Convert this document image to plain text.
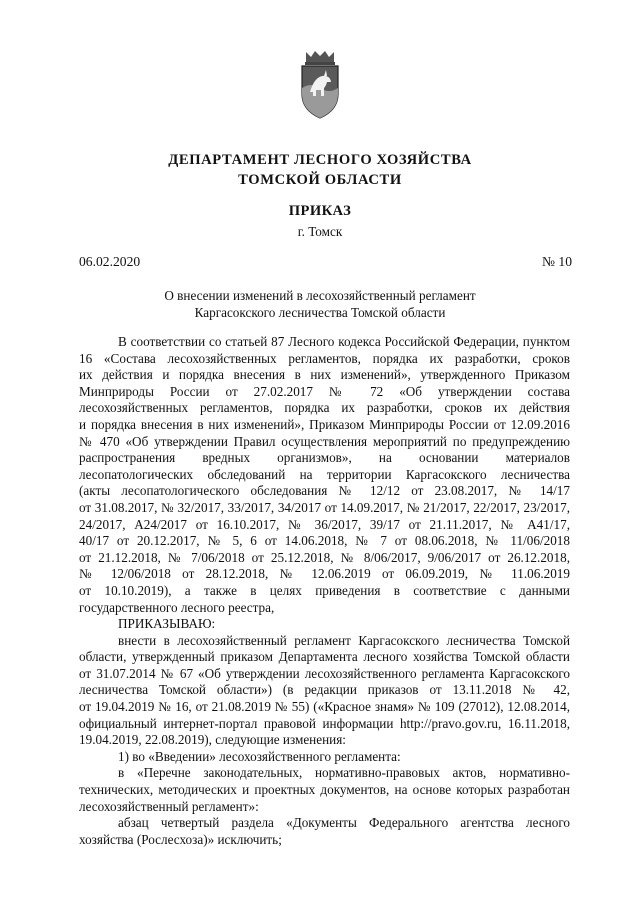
ДЕПАРТАМЕНТ ЛЕСНОГО ХОЗЯЙСТВА
ТОМСКОЙ ОБЛАСТИ
ПРИКАЗ
г. Томск
06.02.2020	№ 10
О внесении изменений в лесохозяйственный регламент
Каргасокского лесничества Томской области

В соответствии со статьей 87 Лесного кодекса Российской Федерации, пунктом

16 «Состава лесохозяйственных регламентов, порядка их разработки, сроков

их действия и порядка внесения в них изменений», утвержденного Приказом

Минприроды России от 27.02.2017 № 72 «Об утверждении состава

лесохозяйственных регламентов, порядка их разработки, сроков их действия

и порядка внесения в них изменений», Приказом Минприроды России от 12.09.2016

№ 470 «Об утверждении Правил осуществления мероприятий по предупреждению

распространения вредных организмов», на основании материалов

лесопатологических обследований на территории Каргасокского лесничества

(акты лесопатологического обследования № 12/12 от 23.08.2017, № 14/17

от 31.08.2017, № 32/2017, 33/2017, 34/2017 от 14.09.2017, № 21/2017, 22/2017, 23/2017,

24/2017, А24/2017 от 16.10.2017, № 36/2017, 39/17 от 21.11.2017, № А41/17,

40/17 от 20.12.2017, № 5, 6 от 14.06.2018, № 7 от 08.06.2018, № 11/06/2018

от 21.12.2018, № 7/06/2018 от 25.12.2018, № 8/06/2017, 9/06/2017 от 26.12.2018,

№ 12/06/2018 от 28.12.2018, № 12.06.2019 от 06.09.2019, № 11.06.2019

от 10.10.2019), а также в целях приведения в соответствие с данными

государственного лесного реестра,

ПРИКАЗЫВАЮ:

внести в лесохозяйственный регламент Каргасокского лесничества Томской

области, утвержденный приказом Департамента лесного хозяйства Томской области

от 31.07.2014 № 67 «Об утверждении лесохозяйственного регламента Каргасокского

лесничества Томской области») (в редакции приказов от 13.11.2018 № 42,

от 19.04.2019 № 16, от 21.08.2019 № 55) («Красное знамя» № 109 (27012), 12.08.2014,

официальный интернет-портал правовой информации http://pravo.gov.ru, 16.11.2018,

19.04.2019, 22.08.2019), следующие изменения:

1) во «Введении» лесохозяйственного регламента:

в «Перечне законодательных, нормативно-правовых актов, нормативно-

технических, методических и проектных документов, на основе которых разработан

лесохозяйственный регламент»:

абзац четвертый раздела «Документы Федерального агентства лесного

хозяйства (Рослесхоза)» исключить;
